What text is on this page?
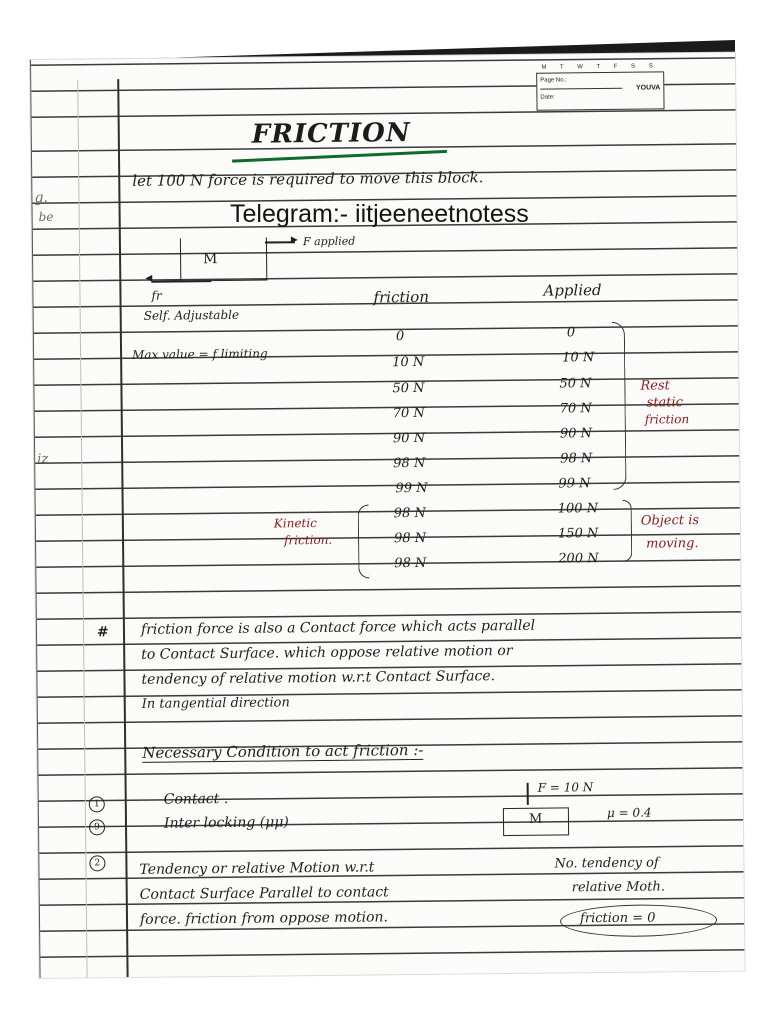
g.
be
iz
M T W T F S S
Page No.:
Date:
YOUVA
FRICTION
let 100 N force is required to move this block.
M
▶ F applied
◀
fr
Self. Adjustable
friction	Applied
Max value = f limiting
0	0
10 N	10 N
50 N	50 N
70 N	70 N
90 N	90 N
98 N	98 N
99 N	99 N
Rest
static
friction
Kinetic
friction.
98 N	100 N
98 N	150 N
98 N	200 N
Object is
moving.
# friction force is also a Contact force which acts parallel
to Contact Surface. which oppose relative motion or
tendency of relative motion w.r.t Contact Surface.
In tangential direction
Necessary Condition to act friction :-
1	Contact .
9	Inter locking (μμ)
F = 10 N
M	μ = 0.4
2	Tendency or relative Motion w.r.t
Contact Surface Parallel to contact
force. friction from oppose motion.
No. tendency of
relative Moth.
friction = 0
Telegram:- iitjeeneetnotess
